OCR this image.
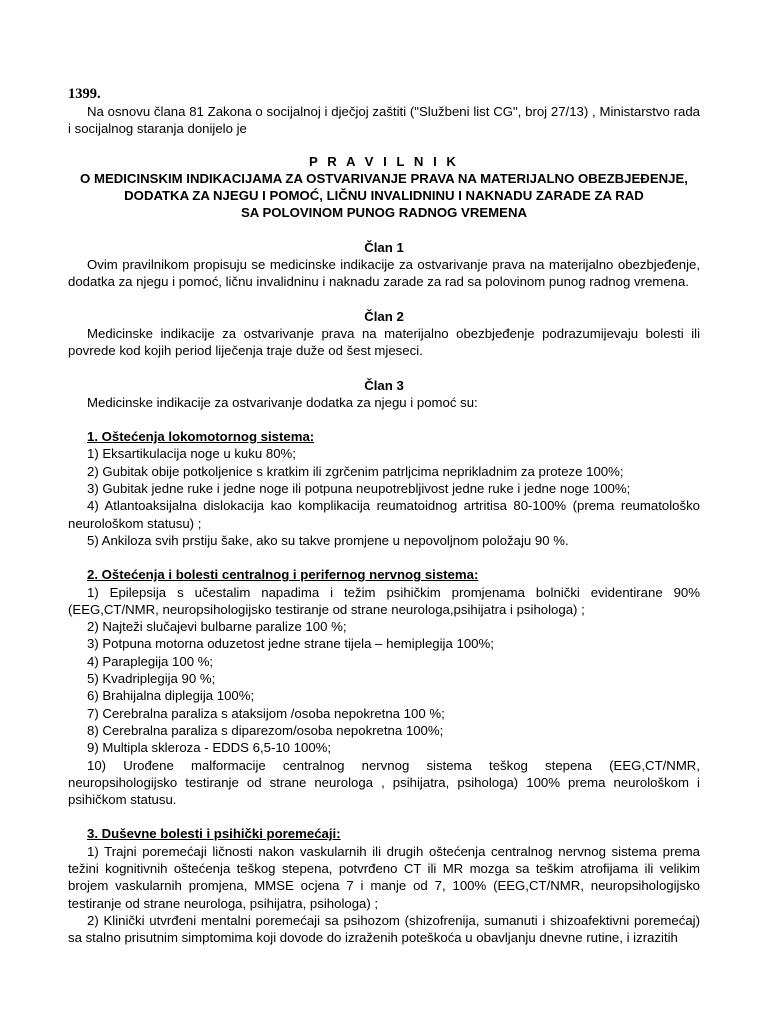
1399.

Na osnovu člana 81 Zakona o socijalnoj i dječjoj zaštiti ("Službeni list CG", broj 27/13) , Ministarstvo rada i socijalnog staranja donijelo je

P R A V I L N I K
O MEDICINSKIM INDIKACIJAMA ZA OSTVARIVANJE PRAVA NA MATERIJALNO OBEZBJEĐENJE,
DODATKA ZA NJEGU I POMOĆ, LIČNU INVALIDNINU I NAKNADU ZARADE ZA RAD
SA POLOVINOM PUNOG RADNOG VREMENA
Član 1

Ovim pravilnikom propisuju se medicinske indikacije za ostvarivanje prava na materijalno obezbjeđenje, dodatka za njegu i pomoć, ličnu invalidninu i naknadu zarade za rad sa polovinom punog radnog vremena.

Član 2

Medicinske indikacije za ostvarivanje prava na materijalno obezbjeđenje podrazumijevaju bolesti ili povrede kod kojih period liječenja traje duže od šest mjeseci.

Član 3

Medicinske indikacije za ostvarivanje dodatka za njegu i pomoć su:

1. Oštećenja lokomotornog sistema:

1) Eksartikulacija noge u kuku 80%;

2) Gubitak obije potkoljenice s kratkim ili zgrčenim patrljcima neprikladnim za proteze 100%;

3) Gubitak jedne ruke i jedne noge ili potpuna neupotrebljivost jedne ruke i jedne noge 100%;

4) Atlantoaksijalna dislokacija kao komplikacija reumatoidnog artritisa 80-100% (prema reumatološko neurološkom statusu) ;

5) Ankiloza svih prstiju šake, ako su takve promjene u nepovoljnom položaju 90 %.

2. Oštećenja i bolesti centralnog i perifernog nervnog sistema:

1) Epilepsija s učestalim napadima i težim psihičkim promjenama bolnički evidentirane 90% (EEG,CT/NMR, neuropsihologijsko testiranje od strane neurologa,psihijatra i psihologa) ;

2) Najteži slučajevi bulbarne paralize 100 %;

3) Potpuna motorna oduzetost jedne strane tijela – hemiplegija 100%;

4) Paraplegija 100 %;

5) Kvadriplegija 90 %;

6) Brahijalna diplegija 100%;

7) Cerebralna paraliza s ataksijom /osoba nepokretna 100 %;

8) Cerebralna paraliza s diparezom/osoba nepokretna 100%;

9) Multipla skleroza - EDDS 6,5-10 100%;

10) Urođene malformacije centralnog nervnog sistema teškog stepena (EEG,CT/NMR, neuropsihologijsko testiranje od strane neurologa , psihijatra, psihologa) 100% prema neurološkom i psihičkom statusu.

3. Duševne bolesti i psihički poremećaji:

1) Trajni poremećaji ličnosti nakon vaskularnih ili drugih oštećenja centralnog nervnog sistema prema težini kognitivnih oštećenja teškog stepena, potvrđeno CT ili MR mozga sa teškim atrofijama ili velikim brojem vaskularnih promjena, MMSE ocjena 7 i manje od 7, 100% (EEG,CT/NMR, neuropsihologijsko testiranje od strane neurologa, psihijatra, psihologa) ;

2) Klinički utvrđeni mentalni poremećaji sa psihozom (shizofrenija, sumanuti i shizoafektivni poremećaj) sa stalno prisutnim simptomima koji dovode do izraženih poteškoća u obavljanju dnevne rutine, i izrazitih
